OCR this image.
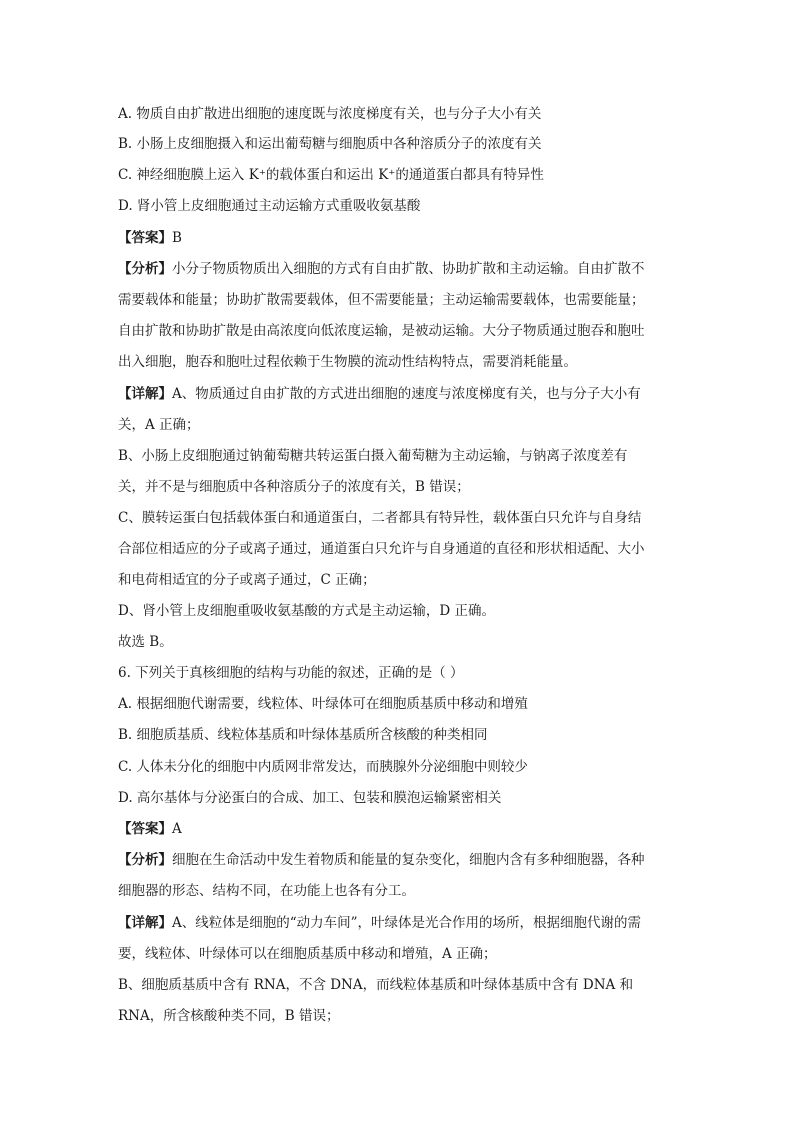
A. 物质自由扩散进出细胞的速度既与浓度梯度有关，也与分子大小有关
B. 小肠上皮细胞摄入和运出葡萄糖与细胞质中各种溶质分子的浓度有关
C. 神经细胞膜上运入 K⁺的载体蛋白和运出 K⁺的通道蛋白都具有特异性
D. 肾小管上皮细胞通过主动运输方式重吸收氨基酸
【答案】B
【分析】小分子物质物质出入细胞的方式有自由扩散、协助扩散和主动运输。自由扩散不
需要载体和能量；协助扩散需要载体，但不需要能量；主动运输需要载体，也需要能量；
自由扩散和协助扩散是由高浓度向低浓度运输，是被动运输。大分子物质通过胞吞和胞吐
出入细胞，胞吞和胞吐过程依赖于生物膜的流动性结构特点，需要消耗能量。
【详解】A、物质通过自由扩散的方式进出细胞的速度与浓度梯度有关，也与分子大小有
关，A 正确；
B、小肠上皮细胞通过钠葡萄糖共转运蛋白摄入葡萄糖为主动运输，与钠离子浓度差有
关，并不是与细胞质中各种溶质分子的浓度有关，B 错误；
C、膜转运蛋白包括载体蛋白和通道蛋白，二者都具有特异性，载体蛋白只允许与自身结
合部位相适应的分子或离子通过，通道蛋白只允许与自身通道的直径和形状相适配、大小
和电荷相适宜的分子或离子通过，C 正确；
D、肾小管上皮细胞重吸收氨基酸的方式是主动运输，D 正确。
故选 B。
6. 下列关于真核细胞的结构与功能的叙述，正确的是（ ）
A. 根据细胞代谢需要，线粒体、叶绿体可在细胞质基质中移动和增殖
B. 细胞质基质、线粒体基质和叶绿体基质所含核酸的种类相同
C. 人体未分化的细胞中内质网非常发达，而胰腺外分泌细胞中则较少
D. 高尔基体与分泌蛋白的合成、加工、包装和膜泡运输紧密相关
【答案】A
【分析】细胞在生命活动中发生着物质和能量的复杂变化，细胞内含有多种细胞器，各种
细胞器的形态、结构不同，在功能上也各有分工。
【详解】A、线粒体是细胞的“动力车间”，叶绿体是光合作用的场所，根据细胞代谢的需
要，线粒体、叶绿体可以在细胞质基质中移动和增殖，A 正确；
B、细胞质基质中含有 RNA，不含 DNA，而线粒体基质和叶绿体基质中含有 DNA 和
RNA，所含核酸种类不同，B 错误；
